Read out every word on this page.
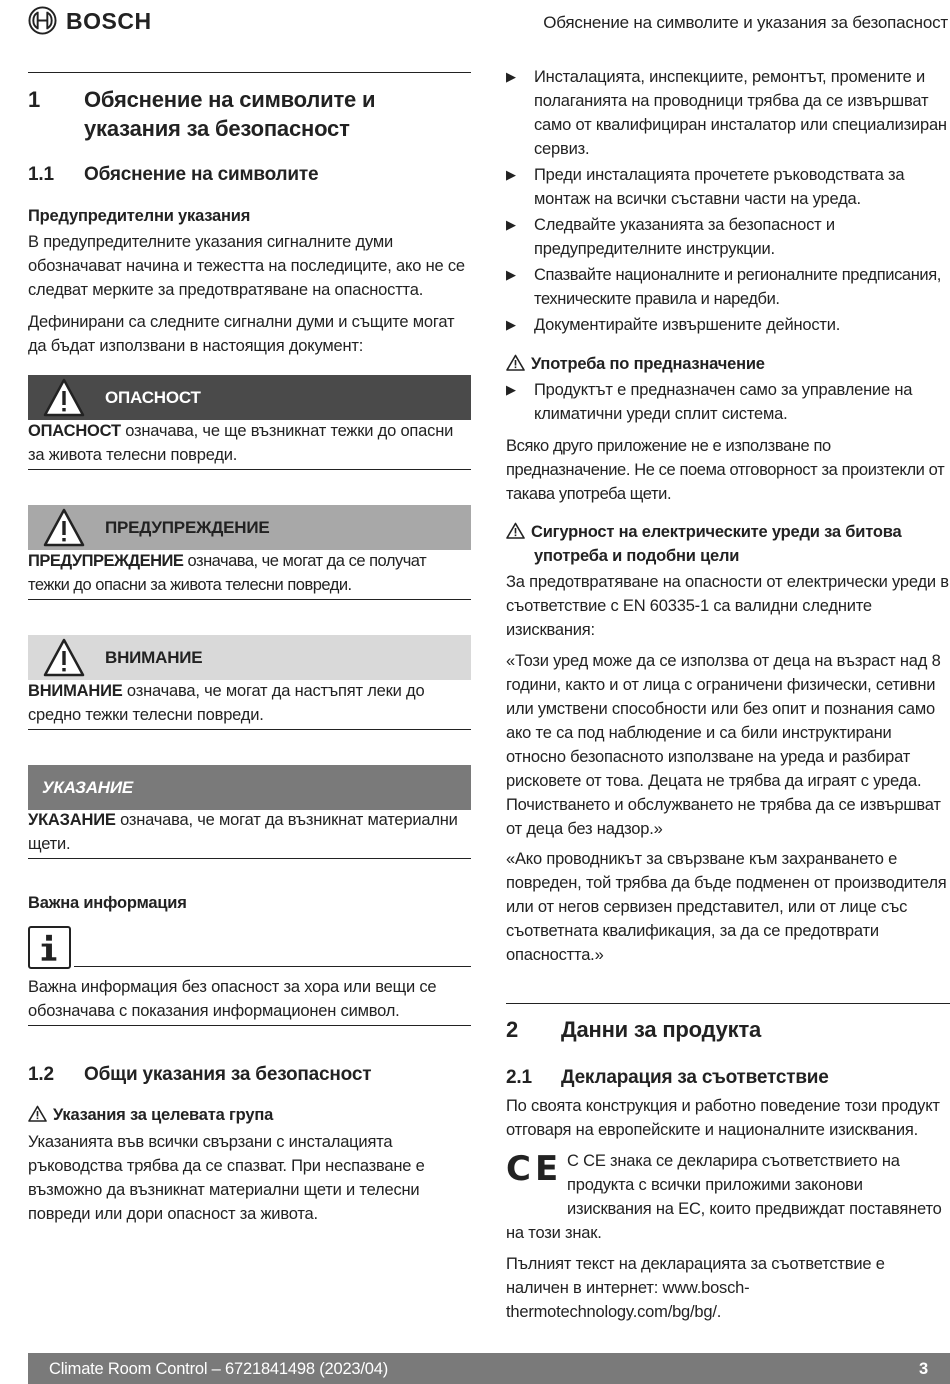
BOSCH	Обяснение на символите и указания за безопасност
1 Обяснение на символите и указания за безопасност
1.1 Обяснение на символите
Предупредителни указания
В предупредителните указания сигналните думи обозначават начина и тежестта на последиците, ако не се следват мерките за предотвратяване на опасността.
Дефинирани са следните сигнални думи и същите могат да бъдат използвани в настоящия документ:
ОПАСНОСТ
ОПАСНОСТ означава, че ще възникнат тежки до опасни за живота телесни повреди.
ПРЕДУПРЕЖДЕНИЕ
ПРЕДУПРЕЖДЕНИЕ означава, че могат да се получат тежки до опасни за живота телесни повреди.
ВНИМАНИЕ
ВНИМАНИЕ означава, че могат да настъпят леки до средно тежки телесни повреди.
УКАЗАНИЕ
УКАЗАНИЕ означава, че могат да възникнат материални щети.
Важна информация
Важна информация без опасност за хора или вещи се обозначава с показания информационен символ.
1.2 Общи указания за безопасност
Указания за целевата група
Указанията във всички свързани с инсталацията ръководства трябва да се спазват. При неспазване е възможно да възникнат материални щети и телесни повреди или дори опасност за живота.
▶ Инсталацията, инспекциите, ремонтът, промените и полаганията на проводници трябва да се извършват само от квалифициран инсталатор или специализиран сервиз.
▶ Преди инсталацията прочетете ръководствата за монтаж на всички съставни части на уреда.
▶ Следвайте указанията за безопасност и предупредителните инструкции.
▶ Спазвайте националните и регионалните предписания, техническите правила и наредби.
▶ Документирайте извършените дейности.
Употреба по предназначение
▶ Продуктът е предназначен само за управление на климатични уреди сплит система.
Всяко друго приложение не е използване по предназначение. Не се поема отговорност за произтекли от такава употреба щети.
Сигурност на електрическите уреди за битова
употреба и подобни цели
За предотвратяване на опасности от електрически уреди в съответствие с EN 60335-1 са валидни следните изисквания:
«Този уред може да се използва от деца на възраст над 8 години, както и от лица с ограничени физически, сетивни или умствени способности или без опит и познания само ако те са под наблюдение и са били инструктирани относно безопасното използване на уреда и разбират рисковете от това. Децата не трябва да играят с уреда. Почистването и обслужването не трябва да се извършват от деца без надзор.»
«Ако проводникът за свързване към захранването е повреден, той трябва да бъде подменен от производителя или от негов сервизен представител, или от лице със съответната квалификация, за да се предотврати опасността.»
2 Данни за продукта
2.1 Декларация за съответствие
По своята конструкция и работно поведение този продукт отговаря на европейските и националните изисквания.
CE С CE знака се декларира съответствието на продукта с всички приложими законови изисквания на ЕС, които предвиждат поставянето
на този знак.
Пълният текст на декларацията за съответствие е наличен в интернет: www.bosch-thermotechnology.com/bg/bg/.
Climate Room Control – 6721841498 (2023/04)	3
